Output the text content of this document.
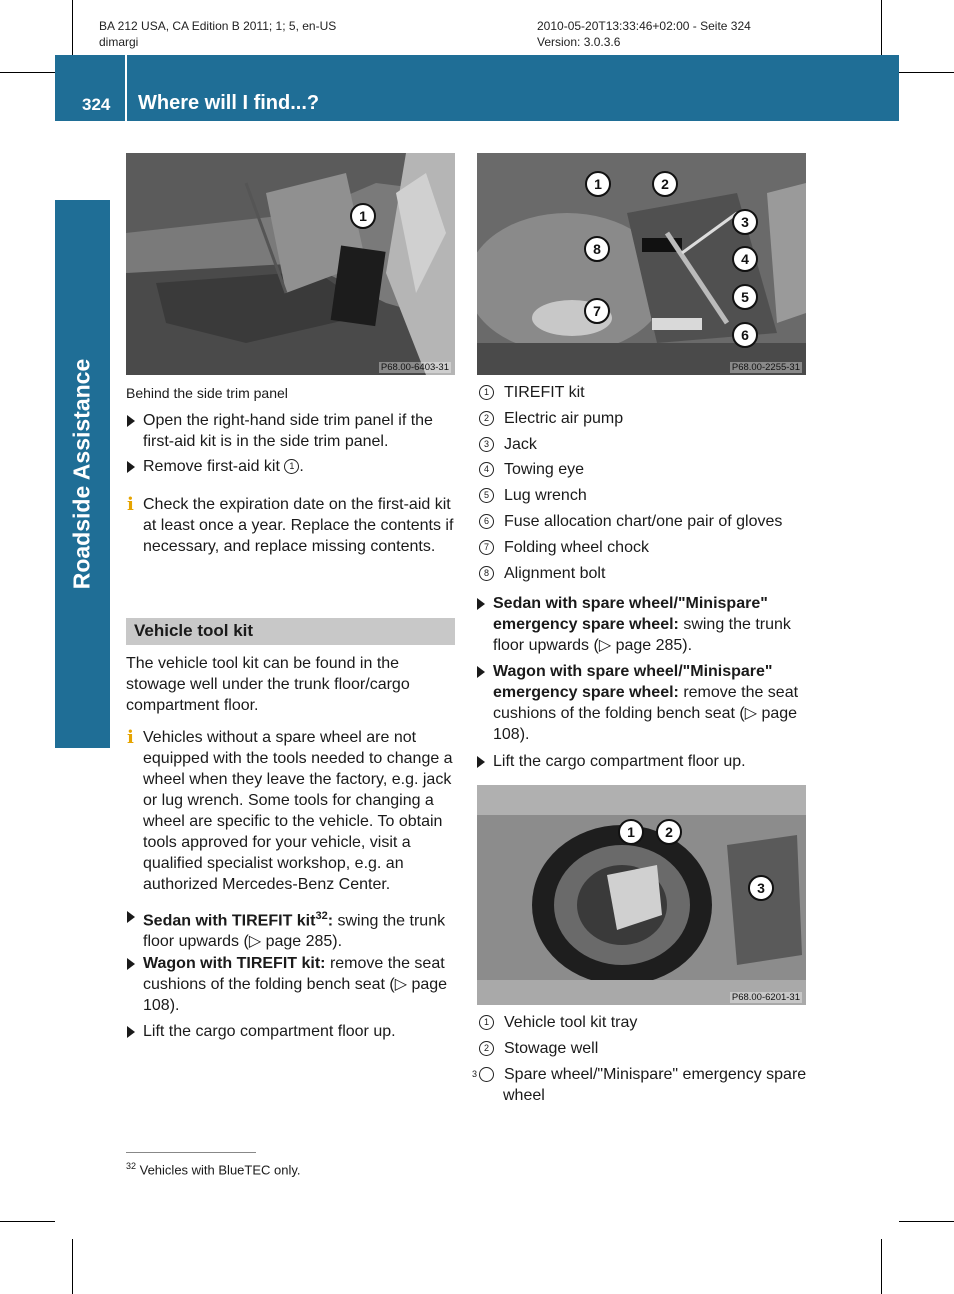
BA 212 USA, CA Edition B 2011; 1; 5, en-US
dimargi
2010-05-20T13:33:46+02:00 - Seite 324
Version: 3.0.3.6
324 Where will I find...?
Roadside Assistance
1
P68.00-6403-31
1	2
3
8
4
5
7
6
P68.00-2255-31
1	2
3
P68.00-6201-31
Behind the side trim panel
Open the right-hand side trim panel if the first-aid kit is in the side trim panel.
Remove first-aid kit 1 .
i Check the expiration date on the first-aid kit at least once a year. Replace the contents if necessary, and replace missing contents.
Vehicle tool kit
The vehicle tool kit can be found in the stowage well under the trunk floor/cargo compartment floor.
i Vehicles without a spare wheel are not equipped with the tools needed to change a wheel when they leave the factory, e.g. jack or lug wrench. Some tools for changing a wheel are specific to the vehicle. To obtain tools approved for your vehicle, visit a qualified specialist workshop, e.g. an authorized Mercedes-Benz Center.
Sedan with TIREFIT kit$^{32}$: swing the trunk floor upwards (▷ page 285).
Wagon with TIREFIT kit: remove the seat cushions of the folding bench seat (▷ page 108).
Lift the cargo compartment floor up.
1 TIREFIT kit
2 Electric air pump
3 Jack
4 Towing eye
5 Lug wrench
6 Fuse allocation chart/one pair of gloves
7 Folding wheel chock
8 Alignment bolt
Sedan with spare wheel/"Minispare" emergency spare wheel: swing the trunk floor upwards (▷ page 285).
Wagon with spare wheel/"Minispare" emergency spare wheel: remove the seat cushions of the folding bench seat (▷ page 108).
Lift the cargo compartment floor up.
1 Vehicle tool kit tray
2 Stowage well
3 Spare wheel/"Minispare" emergency spare wheel
$^{32}$ Vehicles with BlueTEC only.
